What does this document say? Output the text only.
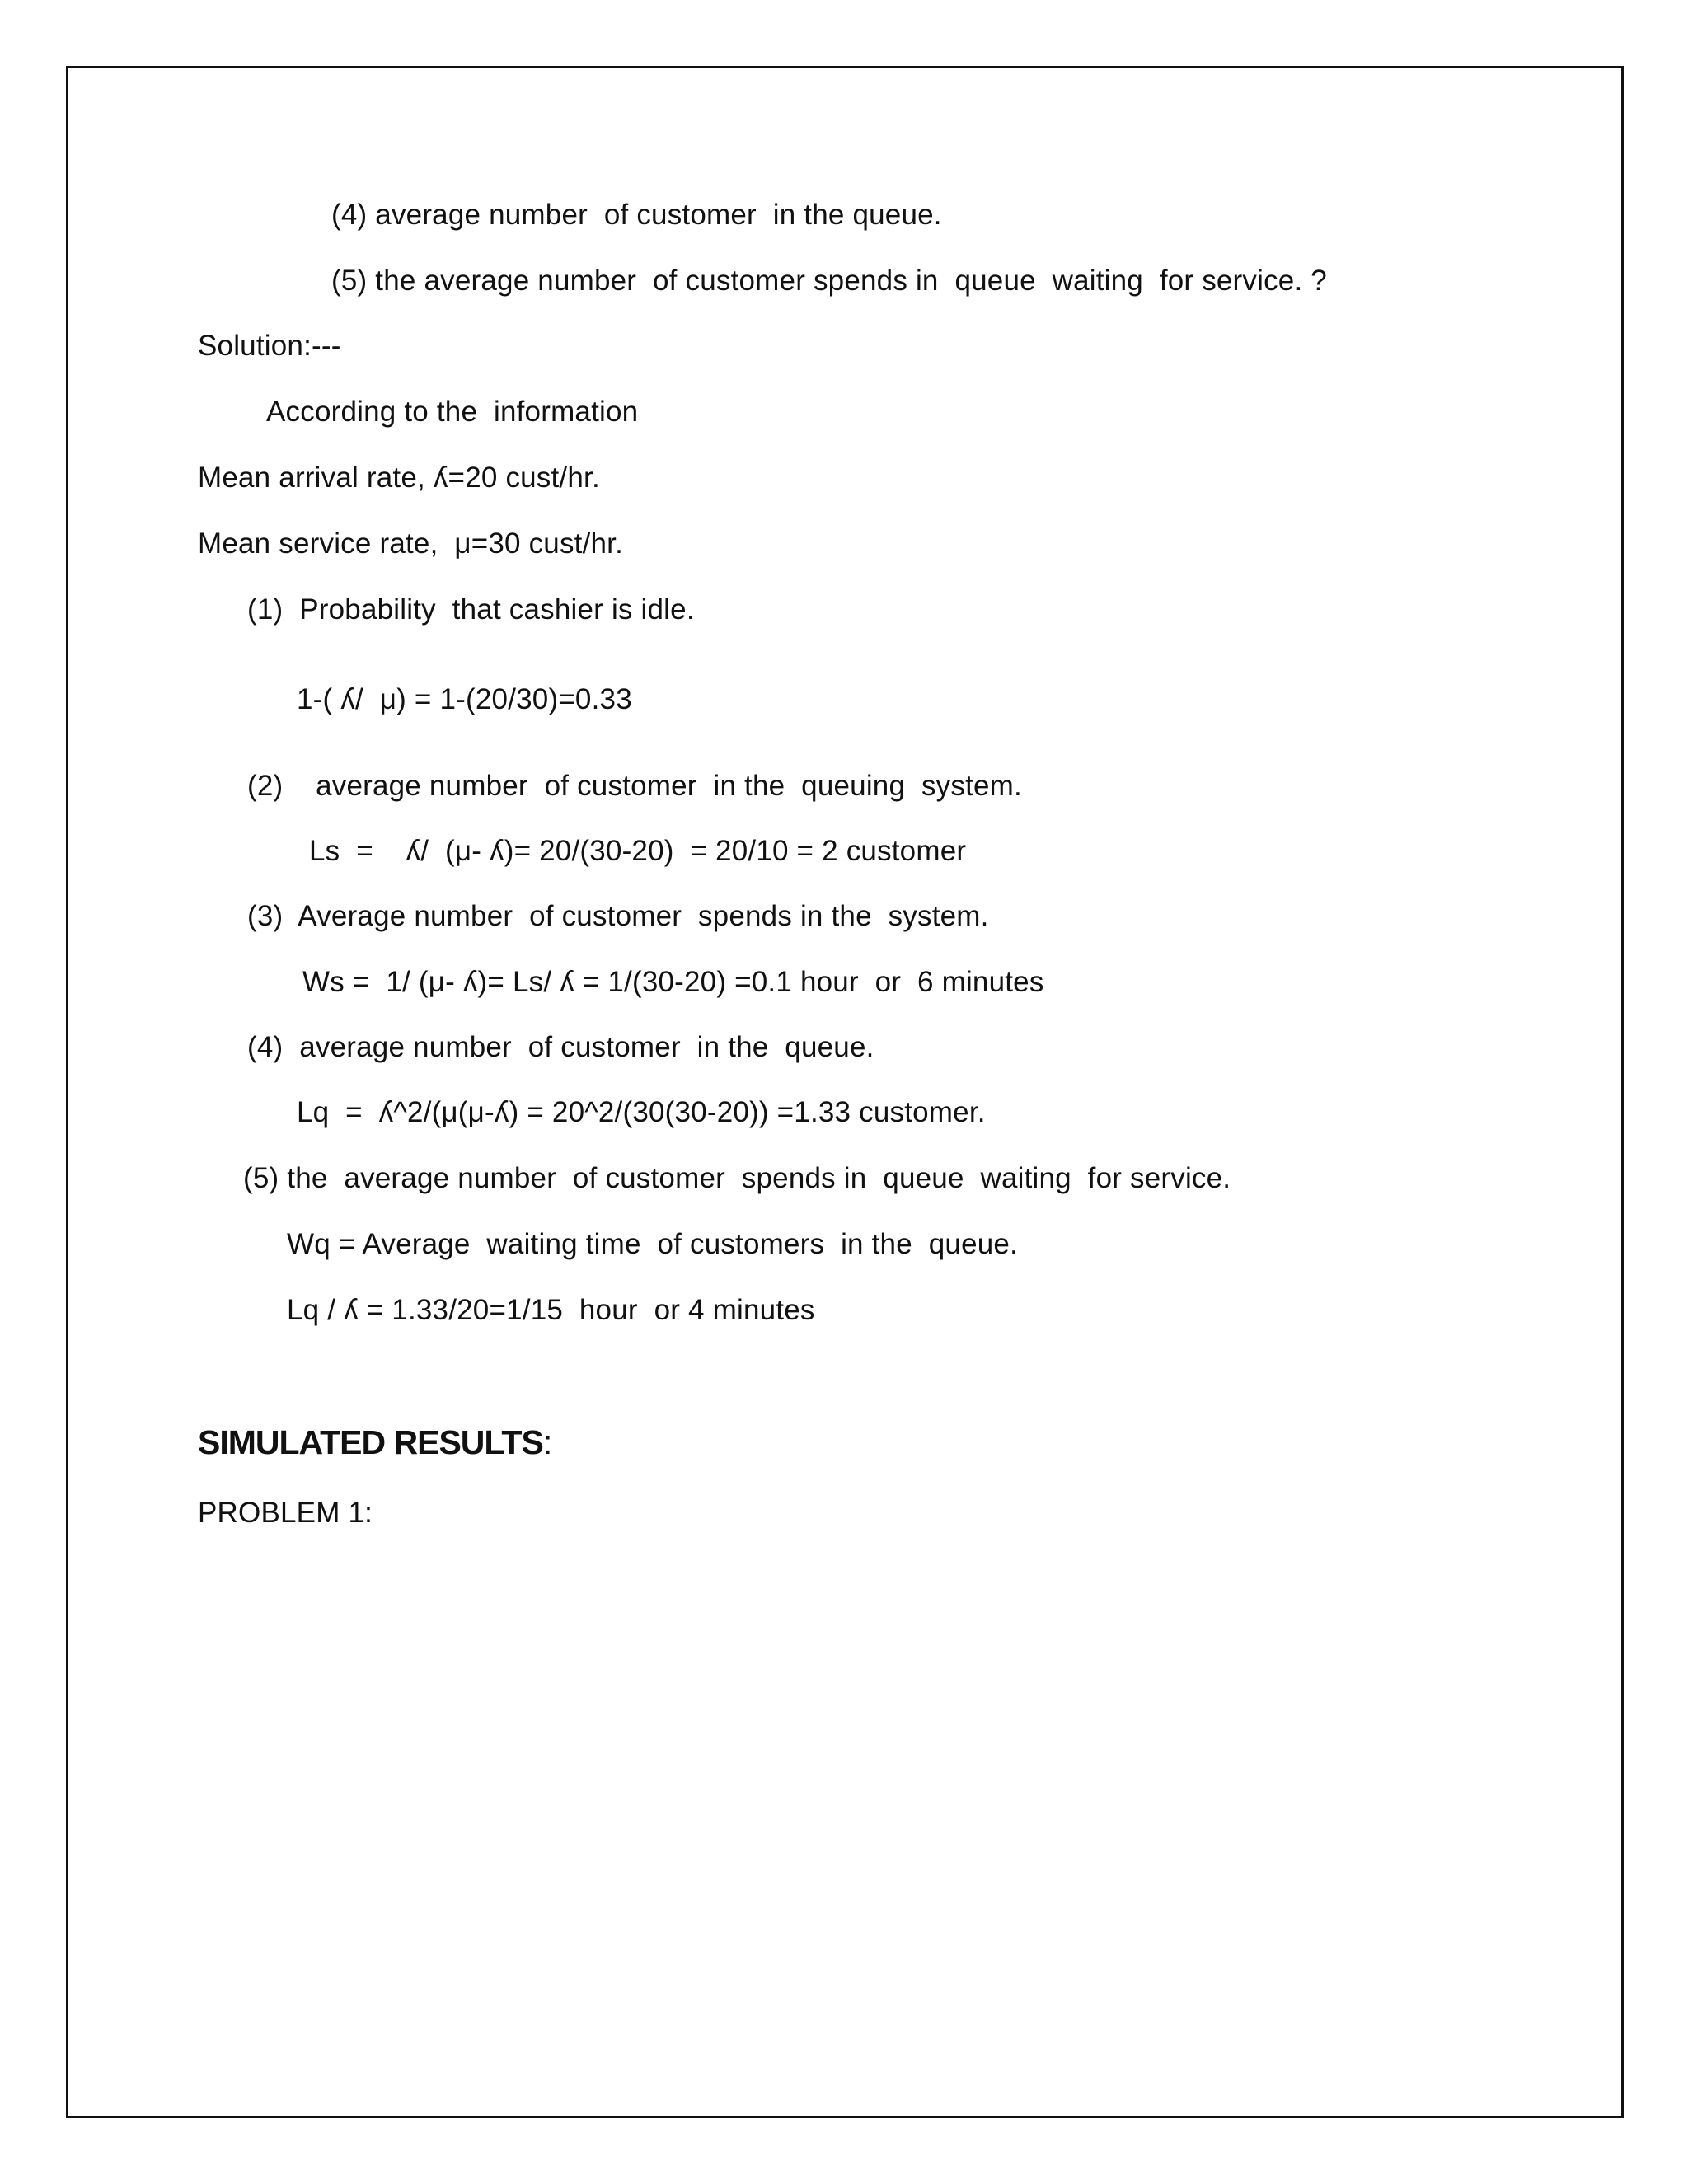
(4) average number  of customer  in the queue.
(5) the average number  of customer spends in  queue  waiting  for service. ?
Solution:---
According to the  information
Mean arrival rate, ʎ=20 cust/hr.
Mean service rate,  μ=30 cust/hr.
(1)  Probability  that cashier is idle.
1-( ʎ/  μ) = 1-(20/30)=0.33
(2)    average number  of customer  in the  queuing  system.
Ls  =    ʎ/  (μ- ʎ)= 20/(30-20)  = 20/10 = 2 customer
(3)  Average number  of customer  spends in the  system.
Ws =  1/ (μ- ʎ)= Ls/ ʎ = 1/(30-20) =0.1 hour  or  6 minutes
(4)  average number  of customer  in the  queue.
Lq  =  ʎ^2/(μ(μ-ʎ) = 20^2/(30(30-20)) =1.33 customer.
(5) the  average number  of customer  spends in  queue  waiting  for service.
Wq = Average  waiting time  of customers  in the  queue.
Lq / ʎ = 1.33/20=1/15  hour  or 4 minutes
SIMULATED RESULTS:
PROBLEM 1:
